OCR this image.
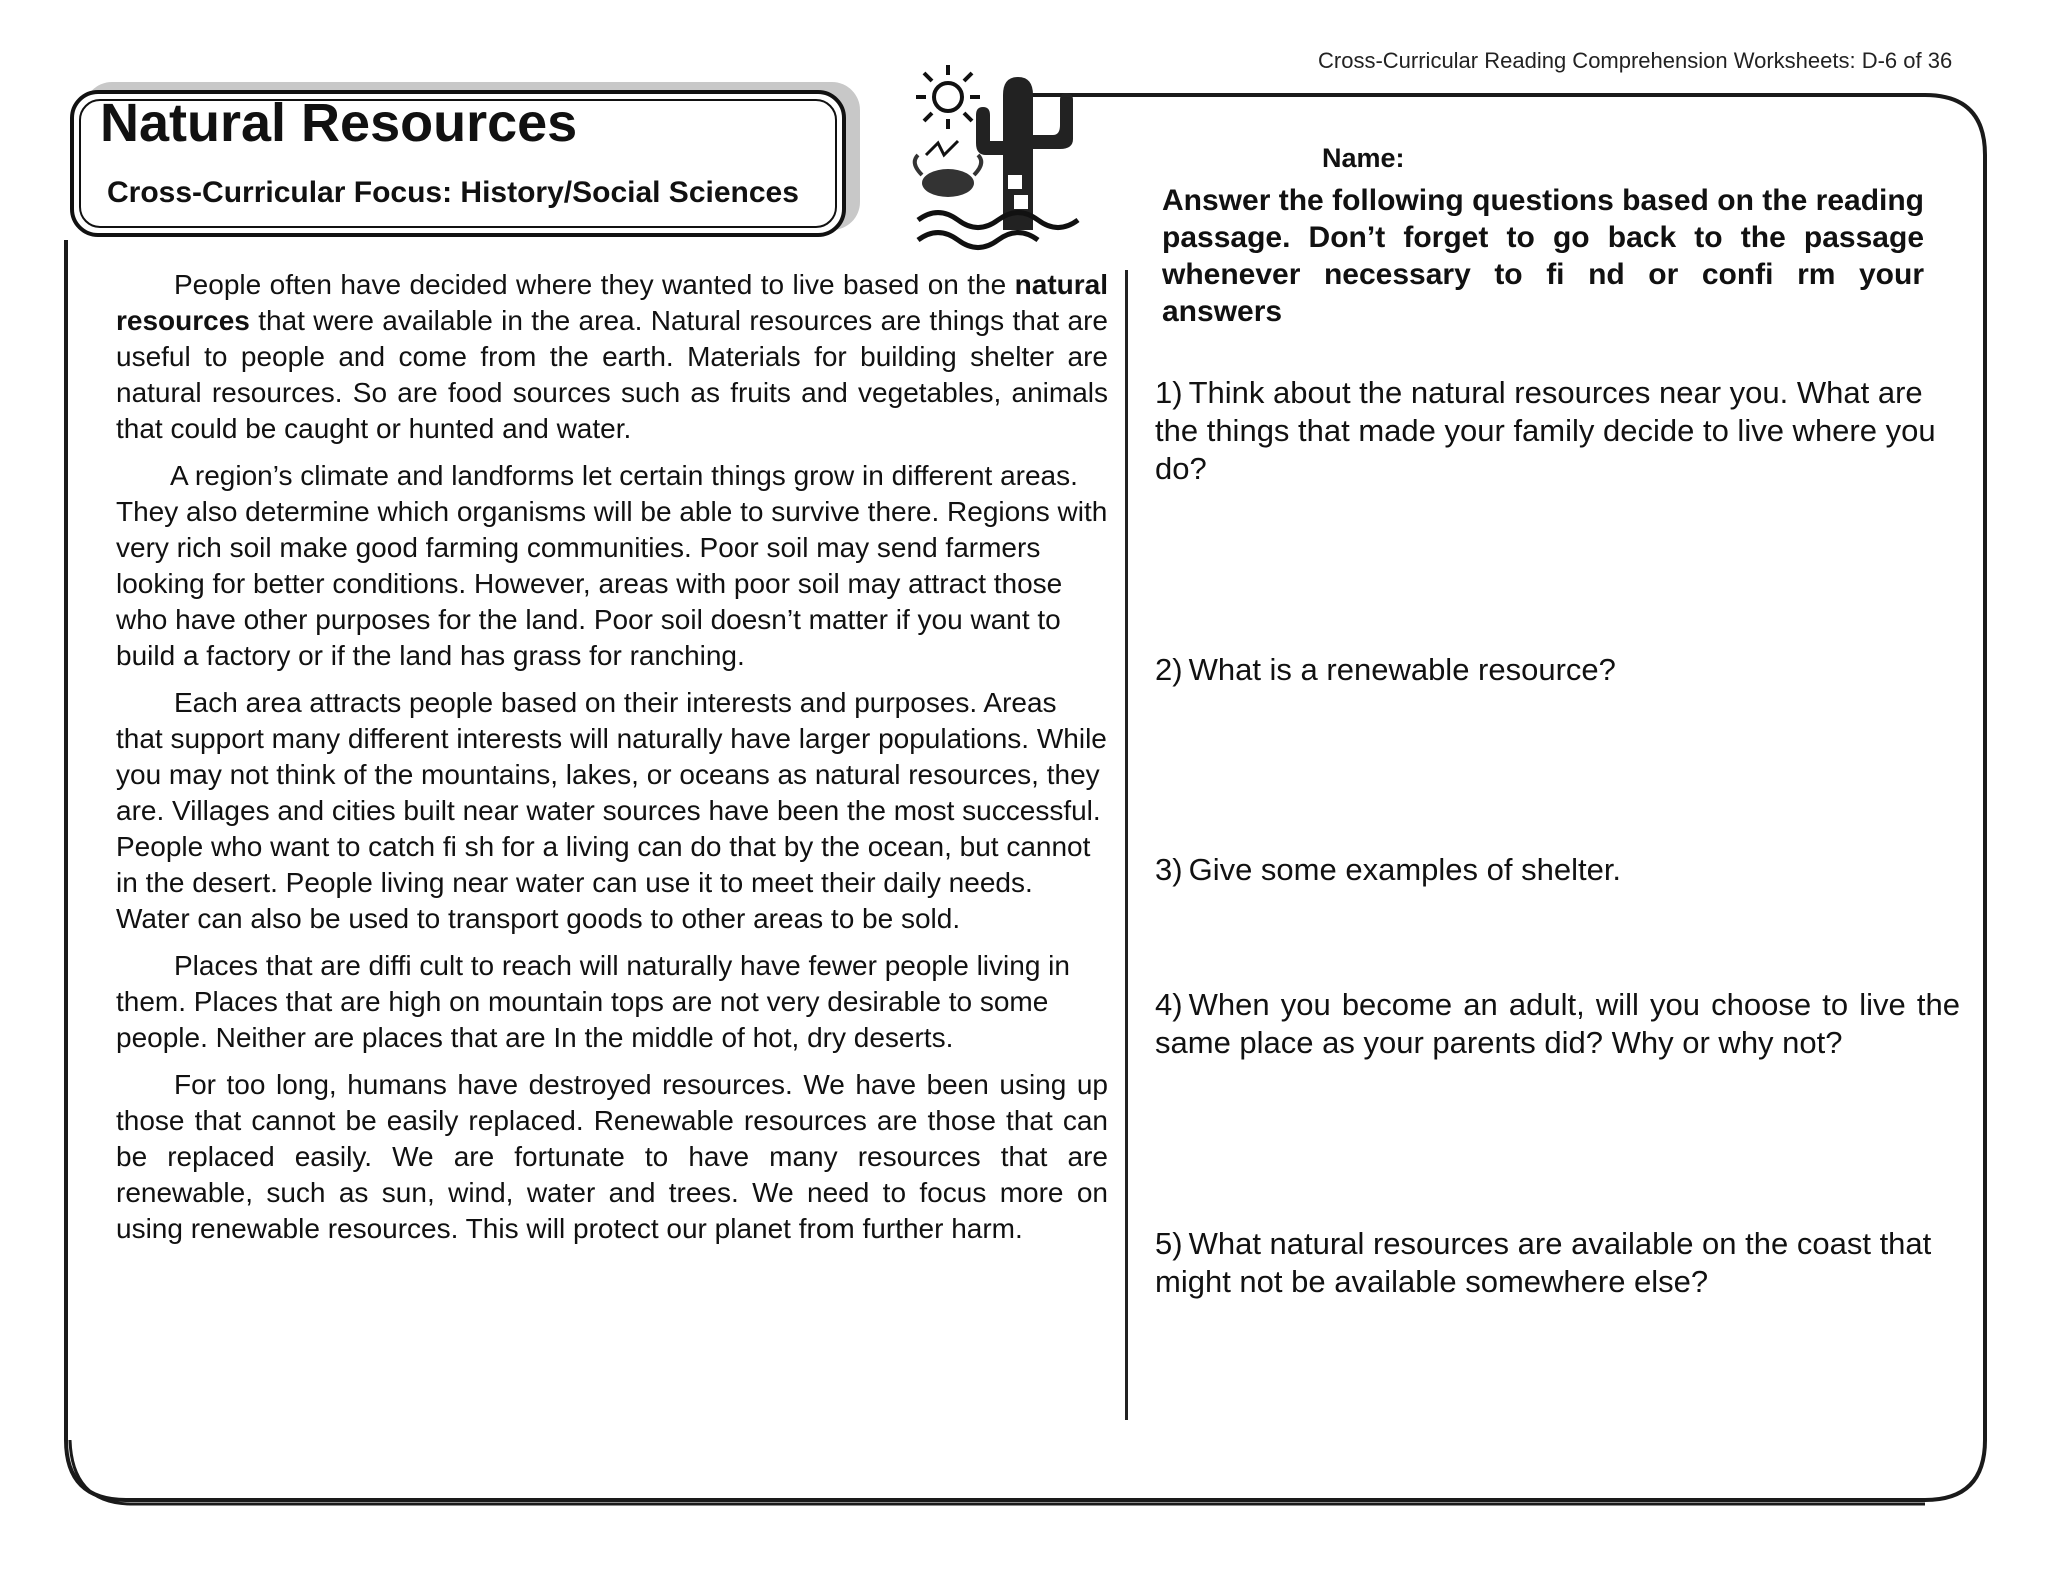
Natural Resources
Cross-Curricular Focus: History/Social Sciences
Cross-Curricular Reading Comprehension Worksheets: D-6 of 36

People often have decided where they wanted to live based on the natural resources that were available in the area. Natural resources are things that are useful to people and come from the earth. Materials for building shelter are natural resources. So are food sources such as fruits and vegetables, animals that could be caught or hunted and water.

A region’s climate and landforms let certain things grow in different areas. They also determine which organisms will be able to survive there. Regions with very rich soil make good farming communities. Poor soil may send farmers looking for better conditions. However, areas with poor soil may attract those who have other purposes for the land. Poor soil doesn’t matter if you want to build a factory or if the land has grass for ranching.

Each area attracts people based on their interests and purposes. Areas that support many different interests will naturally have larger populations. While you may not think of the mountains, lakes, or oceans as natural resources, they are. Villages and cities built near water sources have been the most successful. People who want to catch fi sh for a living can do that by the ocean, but cannot in the desert. People living near water can use it to meet their daily needs. Water can also be used to transport goods to other areas to be sold.

Places that are diffi cult to reach will naturally have fewer people living in them. Places that are high on mountain tops are not very desirable to some people. Neither are places that are In the middle of hot, dry deserts.

For too long, humans have destroyed resources. We have been using up those that cannot be easily replaced. Renewable resources are those that can be replaced easily. We are fortunate to have many resources that are renewable, such as sun, wind, water and trees. We need to focus more on using renewable resources. This will protect our planet from further harm.

Name:

Answer the following questions based on the reading passage. Don’t forget to go back to the passage whenever necessary to fi nd or confi rm your answers

1) Think about the natural resources near you. What are the things that made your family decide to live where you do?

2) What is a renewable resource?

3) Give some examples of shelter.

4) When you become an adult, will you choose to live the same place as your parents did? Why or why not?

5) What natural resources are available on the coast that might not be available somewhere else?
